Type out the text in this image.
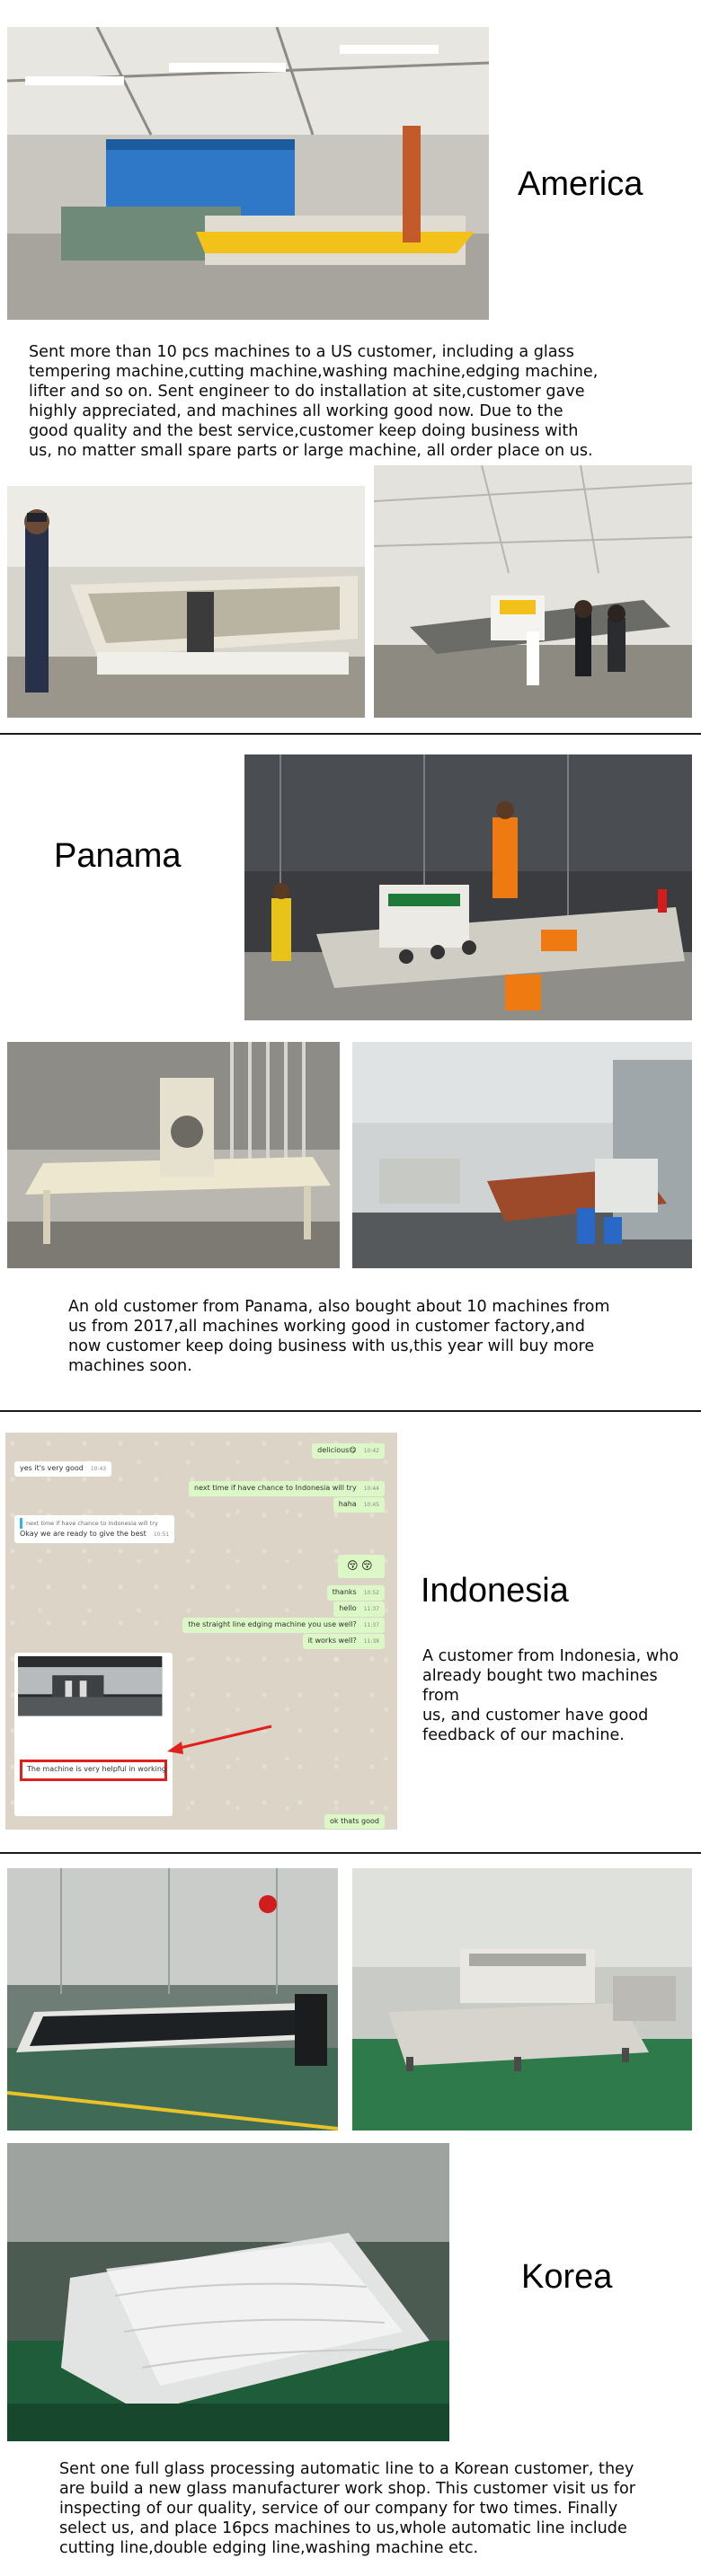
America
Sent more than 10 pcs machines to a US customer, including a glass
tempering machine,cutting machine,washing machine,edging machine,
lifter and so on. Sent engineer to do installation at site,customer gave
highly appreciated, and machines all working good now. Due to the
good quality and the best service,customer keep doing business with
us, no matter small spare parts or large machine, all order place on us.
Panama
An old customer from Panama, also bought about 10 machines from
us from 2017,all machines working good in customer factory,and
now customer keep doing business with us,this year will buy more
machines soon.
delicious😋 10:42
yes it's very good 10:43
next time if have chance to Indonesia will try 10:44
haha 10:45
next time if have chance to Indonesia will try
Okay we are ready to give the best 10:51
😚 😚
thanks 10:52
hello 11:37
the straight line edging machine you use well? 11:37
it works well? 11:38
The machine is very helpful in working
ok thats good
Indonesia
A customer from Indonesia, who
already bought two machines from
us, and customer have good
feedback of our machine.
Korea
Sent one full glass processing automatic line to a Korean customer, they
are build a new glass manufacturer work shop. This customer visit us for
inspecting of our quality, service of our company for two times. Finally
select us, and place 16pcs machines to us,whole automatic line include
cutting line,double edging line,washing machine etc.
